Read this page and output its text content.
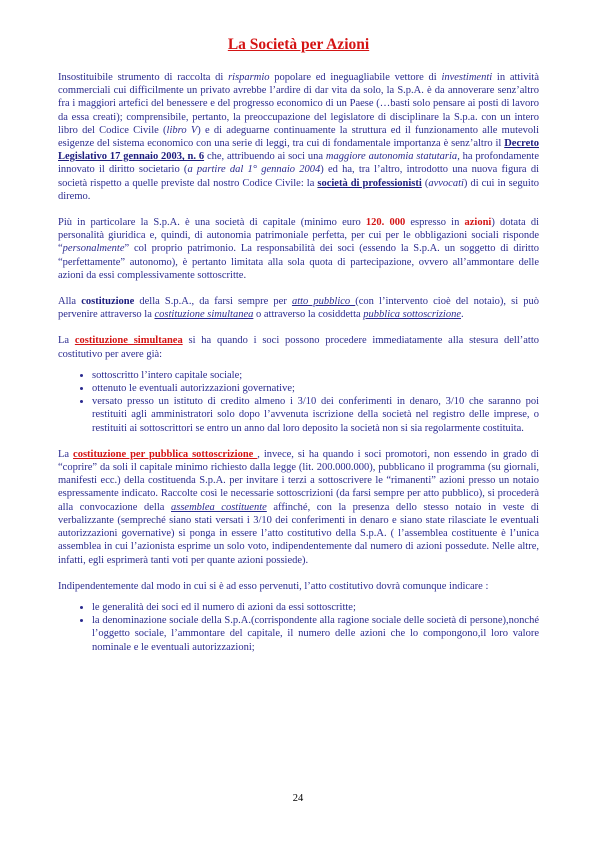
La Società per Azioni

Insostituibile strumento di raccolta di risparmio popolare ed ineguagliabile vettore di investimenti in attività commerciali cui difficilmente un privato avrebbe l’ardire di dar vita da solo, la S.p.A. è da annoverare senz’altro fra i maggiori artefici del benessere e del progresso economico di un Paese (…basti solo pensare ai posti di lavoro da essa creati); comprensibile, pertanto, la preoccupazione del legislatore di disciplinare la S.p.a. con un intero libro del Codice Civile (libro V) e di adeguarne continuamente la struttura ed il funzionamento alle mutevoli esigenze del sistema economico con una serie di leggi, tra cui di fondamentale importanza è senz’altro il Decreto Legislativo 17 gennaio 2003, n. 6 che, attribuendo ai soci una maggiore autonomia statutaria, ha profondamente innovato il diritto societario (a partire dal 1° gennaio 2004) ed ha, tra l’altro, introdotto una nuova figura di società rispetto a quelle previste dal nostro Codice Civile: la società di professionisti (avvocati) di cui in seguito diremo.

Più in particolare la S.p.A. è una società di capitale (minimo euro 120. 000 espresso in azioni) dotata di personalità giuridica e, quindi, di autonomia patrimoniale perfetta, per cui per le obbligazioni sociali risponde “personalmente” col proprio patrimonio. La responsabilità dei soci (essendo la S.p.A. un soggetto di diritto “perfettamente” autonomo), è pertanto limitata alla sola quota di partecipazione, ovvero all’ammontare delle azioni da essi complessivamente sottoscritte.

Alla costituzione della S.p.A., da farsi sempre per atto pubblico (con l’intervento cioè del notaio), si può pervenire attraverso la costituzione simultanea o attraverso la cosiddetta pubblica sottoscrizione.

La costituzione simultanea si ha quando i soci possono procedere immediatamente alla stesura dell’atto costitutivo per avere già:

• sottoscritto l’intero capitale sociale;
• ottenuto le eventuali autorizzazioni governative;
• versato presso un istituto di credito almeno i 3/10 dei conferimenti in denaro, 3/10 che saranno poi restituiti agli amministratori solo dopo l’avvenuta iscrizione della società nel registro delle imprese, o restituiti ai sottoscrittori se entro un anno dal loro deposito la società non si sia regolarmente costituita.

La costituzione per pubblica sottoscrizione , invece, si ha quando i soci promotori, non essendo in grado di “coprire” da soli il capitale minimo richiesto dalla legge (lit. 200.000.000), pubblicano il programma (su giornali, manifesti ecc.) della costituenda S.p.A. per invitare i terzi a sottoscrivere le “rimanenti” azioni presso un notaio espressamente indicato. Raccolte così le necessarie sottoscrizioni (da farsi sempre per atto pubblico), si procederà alla convocazione della assemblea costituente affinché, con la presenza dello stesso notaio in veste di verbalizzante (sempreché siano stati versati i 3/10 dei conferimenti in denaro e siano state rilasciate le eventuali autorizzazioni governative) si ponga in essere l’atto costitutivo della S.p.A. ( l’assemblea costituente è l’unica assemblea in cui l’azionista esprime un solo voto, indipendentemente dal numero di azioni possedute. Nelle altre, infatti, egli esprimerà tanti voti per quante azioni possiede).

Indipendentemente dal modo in cui si è ad esso pervenuti, l’atto costitutivo dovrà comunque indicare :

• le generalità dei soci ed il numero di azioni da essi sottoscritte;
• la denominazione sociale della S.p.A.(corrispondente alla ragione sociale delle società di persone),nonché l’oggetto sociale, l’ammontare del capitale, il numero delle azioni che lo compongono,il loro valore nominale e le eventuali autorizzazioni;
24
